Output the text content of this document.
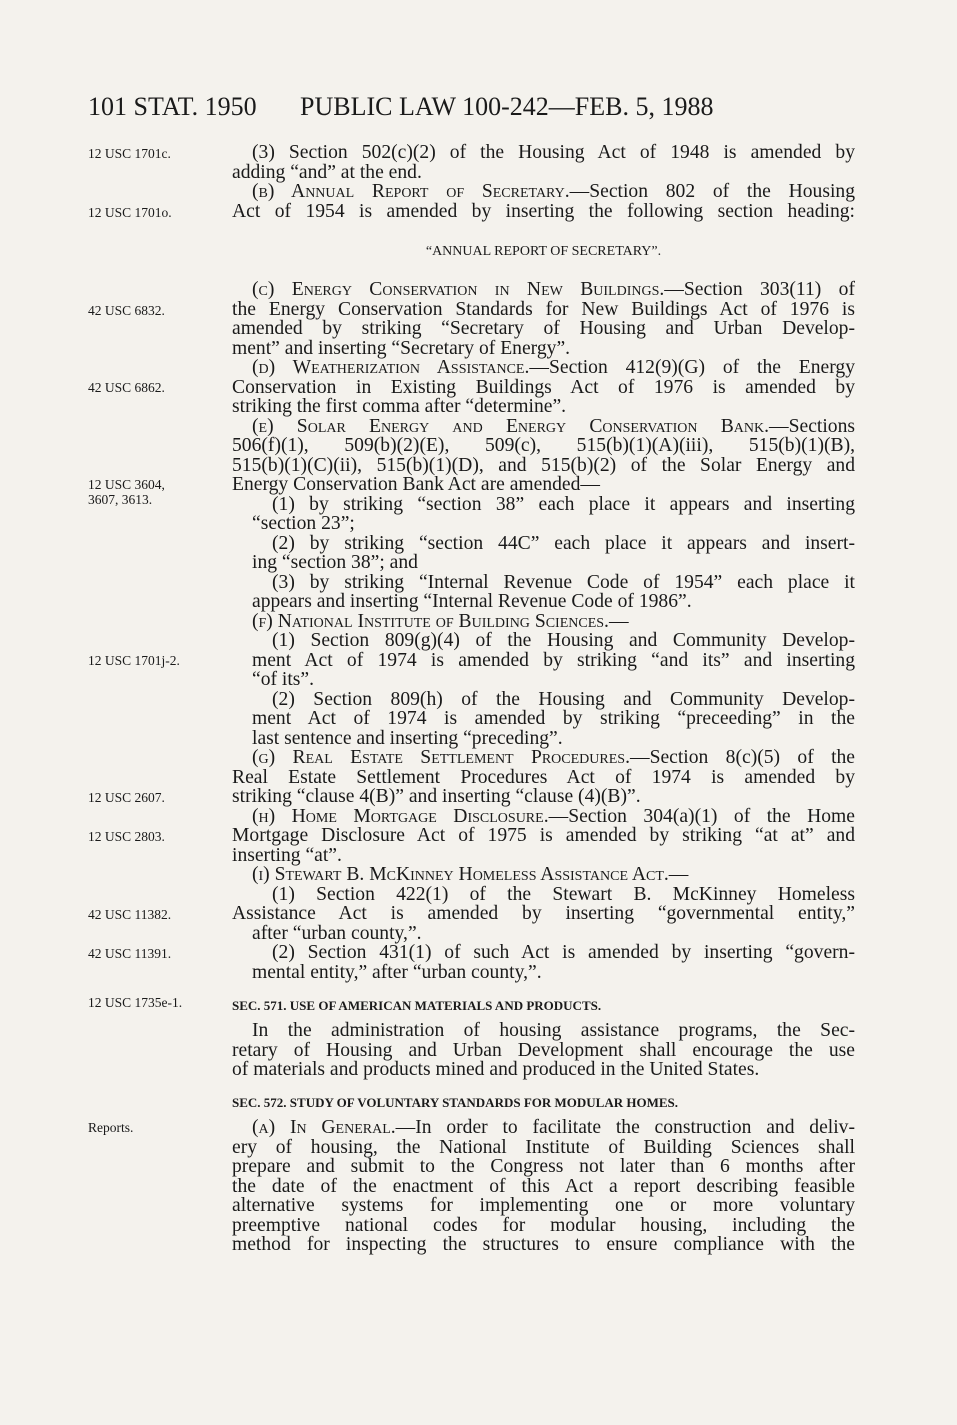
101 STAT. 1950 PUBLIC LAW 100-242—FEB. 5, 1988
12 USC 1701c.
12 USC 1701o.
42 USC 6832.
42 USC 6862.
12 USC 3604,
3607, 3613.
12 USC 1701j-2.
12 USC 2607.
12 USC 2803.
42 USC 11382.
42 USC 11391.
12 USC 1735e-1.
Reports.
(3) Section 502(c)(2) of the Housing Act of 1948 is amended by
adding “and” at the end.
(b) Annual Report of Secretary.—Section 802 of the Housing
Act of 1954 is amended by inserting the following section heading:
“ANNUAL REPORT OF SECRETARY”.
(c) Energy Conservation in New Buildings.—Section 303(11) of
the Energy Conservation Standards for New Buildings Act of 1976 is
amended by striking “Secretary of Housing and Urban Develop-
ment” and inserting “Secretary of Energy”.
(d) Weatherization Assistance.—Section 412(9)(G) of the Energy
Conservation in Existing Buildings Act of 1976 is amended by
striking the first comma after “determine”.
(e) Solar Energy and Energy Conservation Bank.—Sections
506(f)(1), 509(b)(2)(E), 509(c), 515(b)(1)(A)(iii), 515(b)(1)(B),
515(b)(1)(C)(ii), 515(b)(1)(D), and 515(b)(2) of the Solar Energy and
Energy Conservation Bank Act are amended—
(1) by striking “section 38” each place it appears and inserting
“section 23”;
(2) by striking “section 44C” each place it appears and insert-
ing “section 38”; and
(3) by striking “Internal Revenue Code of 1954” each place it
appears and inserting “Internal Revenue Code of 1986”.
(f) National Institute of Building Sciences.—
(1) Section 809(g)(4) of the Housing and Community Develop-
ment Act of 1974 is amended by striking “and its” and inserting
“of its”.
(2) Section 809(h) of the Housing and Community Develop-
ment Act of 1974 is amended by striking “preceeding” in the
last sentence and inserting “preceding”.
(g) Real Estate Settlement Procedures.—Section 8(c)(5) of the
Real Estate Settlement Procedures Act of 1974 is amended by
striking “clause 4(B)” and inserting “clause (4)(B)”.
(h) Home Mortgage Disclosure.—Section 304(a)(1) of the Home
Mortgage Disclosure Act of 1975 is amended by striking “at at” and
inserting “at”.
(i) Stewart B. McKinney Homeless Assistance Act.—
(1) Section 422(1) of the Stewart B. McKinney Homeless
Assistance Act is amended by inserting “governmental entity,”
after “urban county,”.
(2) Section 431(1) of such Act is amended by inserting “govern-
mental entity,” after “urban county,”.
SEC. 571. USE OF AMERICAN MATERIALS AND PRODUCTS.
In the administration of housing assistance programs, the Sec-
retary of Housing and Urban Development shall encourage the use
of materials and products mined and produced in the United States.
SEC. 572. STUDY OF VOLUNTARY STANDARDS FOR MODULAR HOMES.
(a) In General.—In order to facilitate the construction and deliv-
ery of housing, the National Institute of Building Sciences shall
prepare and submit to the Congress not later than 6 months after
the date of the enactment of this Act a report describing feasible
alternative systems for implementing one or more voluntary
preemptive national codes for modular housing, including the
method for inspecting the structures to ensure compliance with the
